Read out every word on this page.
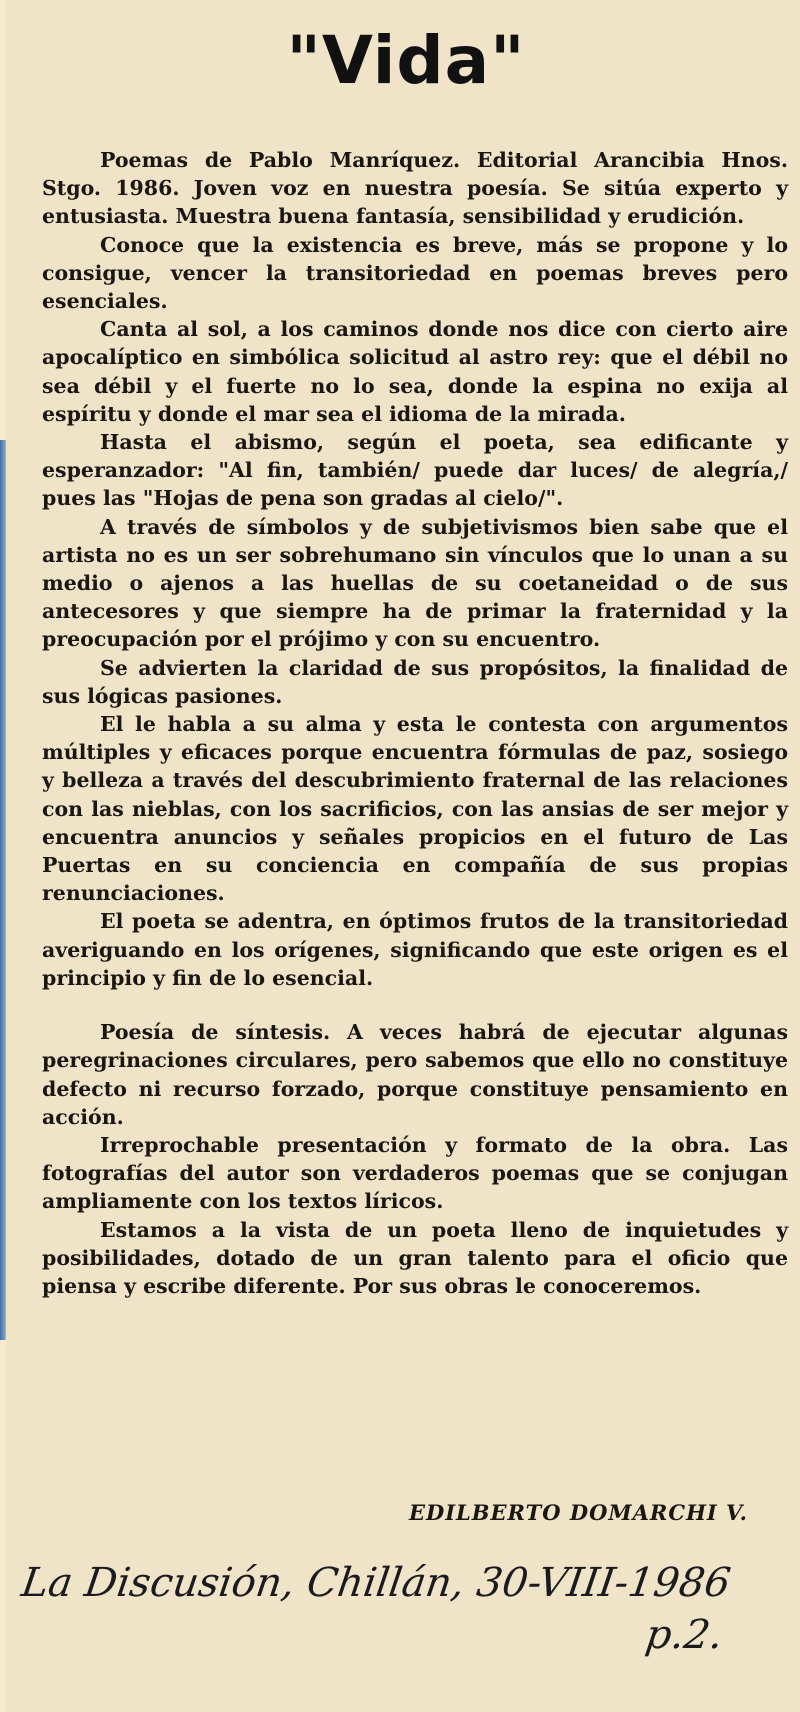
"Vida"

Poemas de Pablo Manríquez. Editorial Arancibia Hnos. Stgo. 1986. Joven voz en nuestra poesía. Se sitúa experto y entusiasta. Muestra buena fantasía, sensibilidad y erudición.

Conoce que la existencia es breve, más se propone y lo consigue, vencer la transitoriedad en poemas breves pero esenciales.

Canta al sol, a los caminos donde nos dice con cierto aire apocalíptico en simbólica solicitud al astro rey: que el débil no sea débil y el fuerte no lo sea, donde la espina no exija al espíritu y donde el mar sea el idioma de la mirada.

Hasta el abismo, según el poeta, sea edificante y esperanzador: "Al fin, también/ puede dar luces/ de alegría,/ pues las "Hojas de pena son gradas al cielo/".

A través de símbolos y de subjetivismos bien sabe que el artista no es un ser sobrehumano sin vínculos que lo unan a su medio o ajenos a las huellas de su coetaneidad o de sus antecesores y que siempre ha de primar la fraternidad y la preocupación por el prójimo y con su encuentro.

Se advierten la claridad de sus propósitos, la finalidad de sus lógicas pasiones.

El le habla a su alma y esta le contesta con argumentos múltiples y eficaces porque encuentra fórmulas de paz, sosiego y belleza a través del descubrimiento fraternal de las relaciones con las nieblas, con los sacrificios, con las ansias de ser mejor y encuentra anuncios y señales propicios en el futuro de Las Puertas en su conciencia en compañía de sus propias renunciaciones.

El poeta se adentra, en óptimos frutos de la transitoriedad averiguando en los orígenes, significando que este origen es el principio y fin de lo esencial.

Poesía de síntesis. A veces habrá de ejecutar algunas peregrinaciones circulares, pero sabemos que ello no constituye defecto ni recurso forzado, porque constituye pensamiento en acción.

Irreprochable presentación y formato de la obra. Las fotografías del autor son verdaderos poemas que se conjugan ampliamente con los textos líricos.

Estamos a la vista de un poeta lleno de inquietudes y posibilidades, dotado de un gran talento para el oficio que piensa y escribe diferente. Por sus obras le conoceremos.

EDILBERTO DOMARCHI V.
La Discusión, Chillán, 30-VIII-1986
p.2.
